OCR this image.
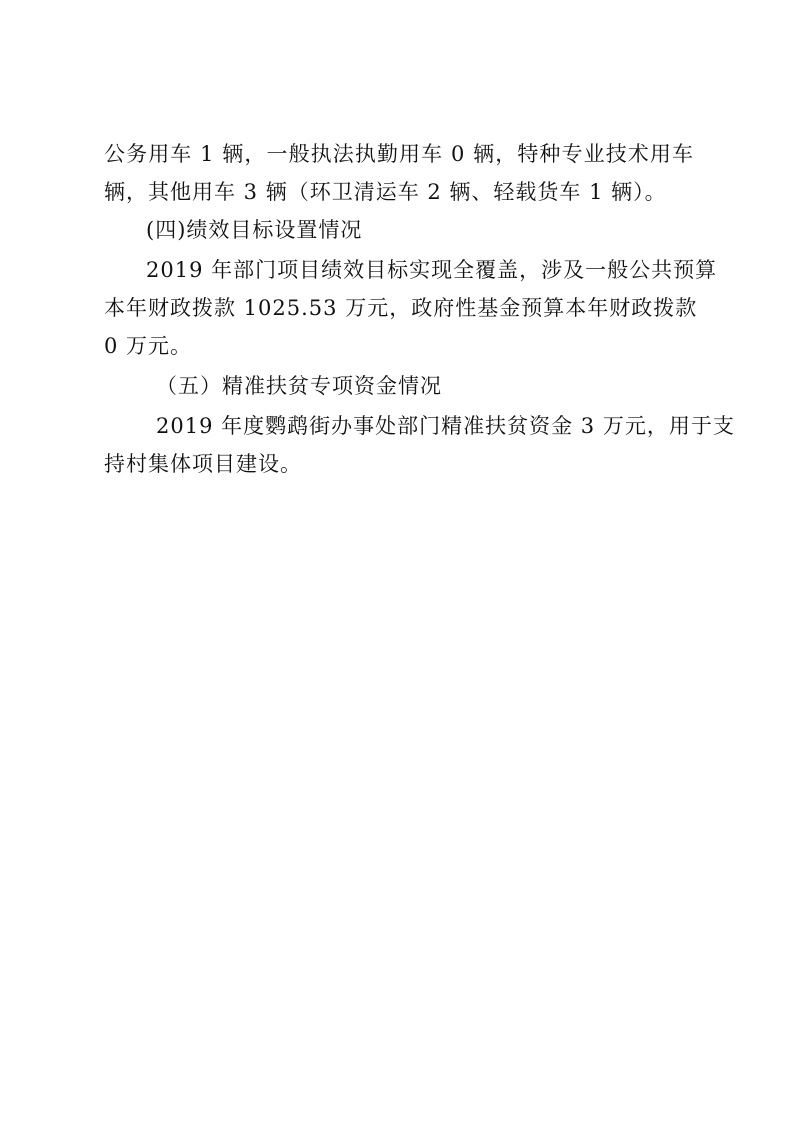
公务用车 1 辆，一般执法执勤用车 0 辆，特种专业技术用车
辆，其他用车 3 辆（环卫清运车 2 辆、轻载货车 1 辆）。
(四)绩效目标设置情况
2019 年部门项目绩效目标实现全覆盖，涉及一般公共预算
本年财政拨款 1025.53 万元，政府性基金预算本年财政拨款
0 万元。
（五）精准扶贫专项资金情况
2019 年度鹦鹉街办事处部门精准扶贫资金 3 万元，用于支
持村集体项目建设。
